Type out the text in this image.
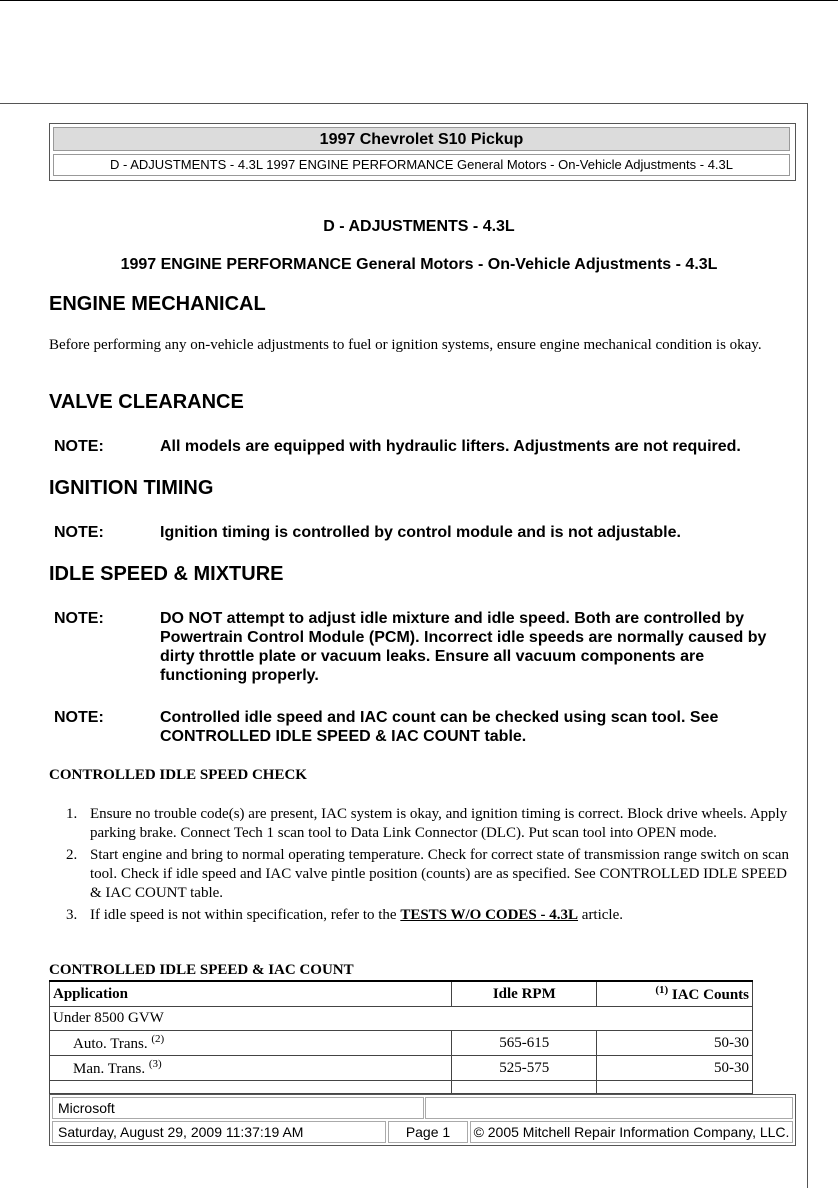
1997 Chevrolet S10 Pickup
D - ADJUSTMENTS - 4.3L 1997 ENGINE PERFORMANCE General Motors - On-Vehicle Adjustments - 4.3L
D - ADJUSTMENTS - 4.3L
1997 ENGINE PERFORMANCE General Motors - On-Vehicle Adjustments - 4.3L
ENGINE MECHANICAL
Before performing any on-vehicle adjustments to fuel or ignition systems, ensure engine mechanical condition is okay.
VALVE CLEARANCE
NOTE:	All models are equipped with hydraulic lifters. Adjustments are not required.
IGNITION TIMING
NOTE:	Ignition timing is controlled by control module and is not adjustable.
IDLE SPEED & MIXTURE
NOTE:	DO NOT attempt to adjust idle mixture and idle speed. Both are controlled by Powertrain Control Module (PCM). Incorrect idle speeds are normally caused by dirty throttle plate or vacuum leaks. Ensure all vacuum components are functioning properly.
NOTE:	Controlled idle speed and IAC count can be checked using scan tool. See CONTROLLED IDLE SPEED & IAC COUNT table.
CONTROLLED IDLE SPEED CHECK
1. Ensure no trouble code(s) are present, IAC system is okay, and ignition timing is correct. Block drive wheels. Apply parking brake. Connect Tech 1 scan tool to Data Link Connector (DLC). Put scan tool into OPEN mode.
2. Start engine and bring to normal operating temperature. Check for correct state of transmission range switch on scan tool. Check if idle speed and IAC valve pintle position (counts) are as specified. See CONTROLLED IDLE SPEED & IAC COUNT table.
3. If idle speed is not within specification, refer to the TESTS W/O CODES - 4.3L article.
CONTROLLED IDLE SPEED & IAC COUNT
Application	Idle RPM	$^{(1)}$ IAC Counts
Under 8500 GVW		
Auto. Trans. $^{(2)}$	565-615	50-30
Man. Trans. $^{(3)}$	525-575	50-30

Microsoft
Saturday, August 29, 2009 11:37:19 AM	Page 1	© 2005 Mitchell Repair Information Company, LLC.
